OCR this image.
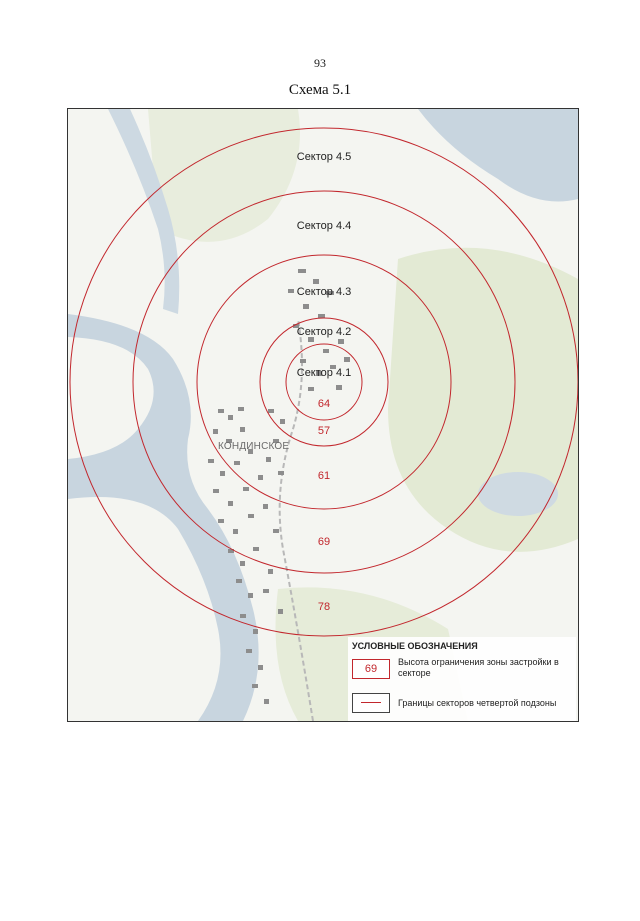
93
Схема 5.1
КОНДИНСКОЕ
Сектор 4.5
Сектор 4.4
Сектор 4.3
Сектор 4.2
Сектор 4.1
64
57
61
69
78
УСЛОВНЫЕ ОБОЗНАЧЕНИЯ
69
Высота ограничения зоны застройки в секторе
Границы секторов четвертой подзоны
